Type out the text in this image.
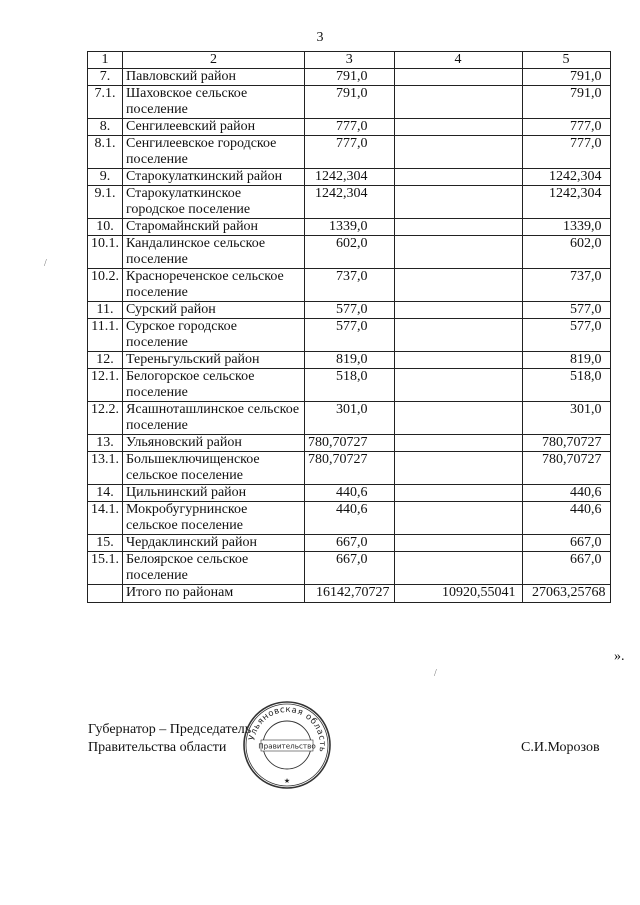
3
1	2	3	4	5
7.	Павловский район	791,0		791,0
7.1.	Шаховское сельское поселение	791,0		791,0
8.	Сенгилеевский район	777,0		777,0
8.1.	Сенгилеевское городское поселение	777,0		777,0
9.	Старокулаткинский район	1242,304		1242,304
9.1.	Старокулаткинское городское поселение	1242,304		1242,304
10.	Старомайнский район	1339,0		1339,0
10.1.	Кандалинское сельское поселение	602,0		602,0
10.2.	Краснореченское сельское поселение	737,0		737,0
11.	Сурский район	577,0		577,0
11.1.	Сурское городское поселение	577,0		577,0
12.	Тереньгульский район	819,0		819,0
12.1.	Белогорское сельское поселение	518,0		518,0
12.2.	Ясашноташлинское сельское поселение	301,0		301,0
13.	Ульяновский район	780,70727		780,70727
13.1.	Большеключищенское сельское поселение	780,70727		780,70727
14.	Цильнинский район	440,6		440,6
14.1.	Мокробугурнинское сельское поселение	440,6		440,6
15.	Чердаклинский район	667,0		667,0
15.1.	Белоярское сельское поселение	667,0		667,0
	Итого по районам	16142,70727	10920,55041	27063,25768
».
Губернатор – Председатель
Правительства области	С.И.Морозов
Ульяновская область
Правительство
★
/
/
